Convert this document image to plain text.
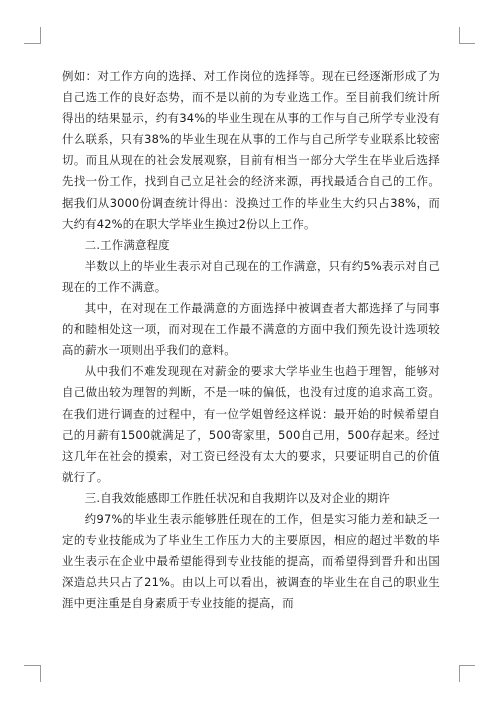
例如：对工作方向的选择、对工作岗位的选择等。现在已经逐渐形成了为自己选工作的良好态势，而不是以前的为专业选工作。至目前我们统计所得出的结果显示，约有34%的毕业生现在从事的工作与自己所学专业没有什么联系，只有38%的毕业生现在从事的工作与自己所学专业联系比较密切。而且从现在的社会发展观察，目前有相当一部分大学生在毕业后选择先找一份工作，找到自己立足社会的经济来源，再找最适合自己的工作。据我们从3000份调查统计得出：没换过工作的毕业生大约只占38%，而大约有42%的在职大学毕业生换过2份以上工作。

二.工作满意程度

半数以上的毕业生表示对自己现在的工作满意，只有约5%表示对自己现在的工作不满意。

其中，在对现在工作最满意的方面选择中被调查者大都选择了与同事的和睦相处这一项，而对现在工作最不满意的方面中我们预先设计选项较高的薪水一项则出乎我们的意料。

从中我们不难发现现在对薪金的要求大学毕业生也趋于理智，能够对自己做出较为理智的判断，不是一味的偏低，也没有过度的追求高工资。在我们进行调查的过程中，有一位学姐曾经这样说：最开始的时候希望自己的月薪有1500就满足了，500寄家里，500自己用，500存起来。经过这几年在社会的摸索，对工资已经没有太大的要求，只要证明自己的价值就行了。

三.自我效能感即工作胜任状况和自我期许以及对企业的期许

约97%的毕业生表示能够胜任现在的工作，但是实习能力差和缺乏一定的专业技能成为了毕业生工作压力大的主要原因，相应的超过半数的毕业生表示在企业中最希望能得到专业技能的提高，而希望得到晋升和出国深造总共只占了21%。由以上可以看出，被调查的毕业生在自己的职业生涯中更注重是自身素质于专业技能的提高，而
